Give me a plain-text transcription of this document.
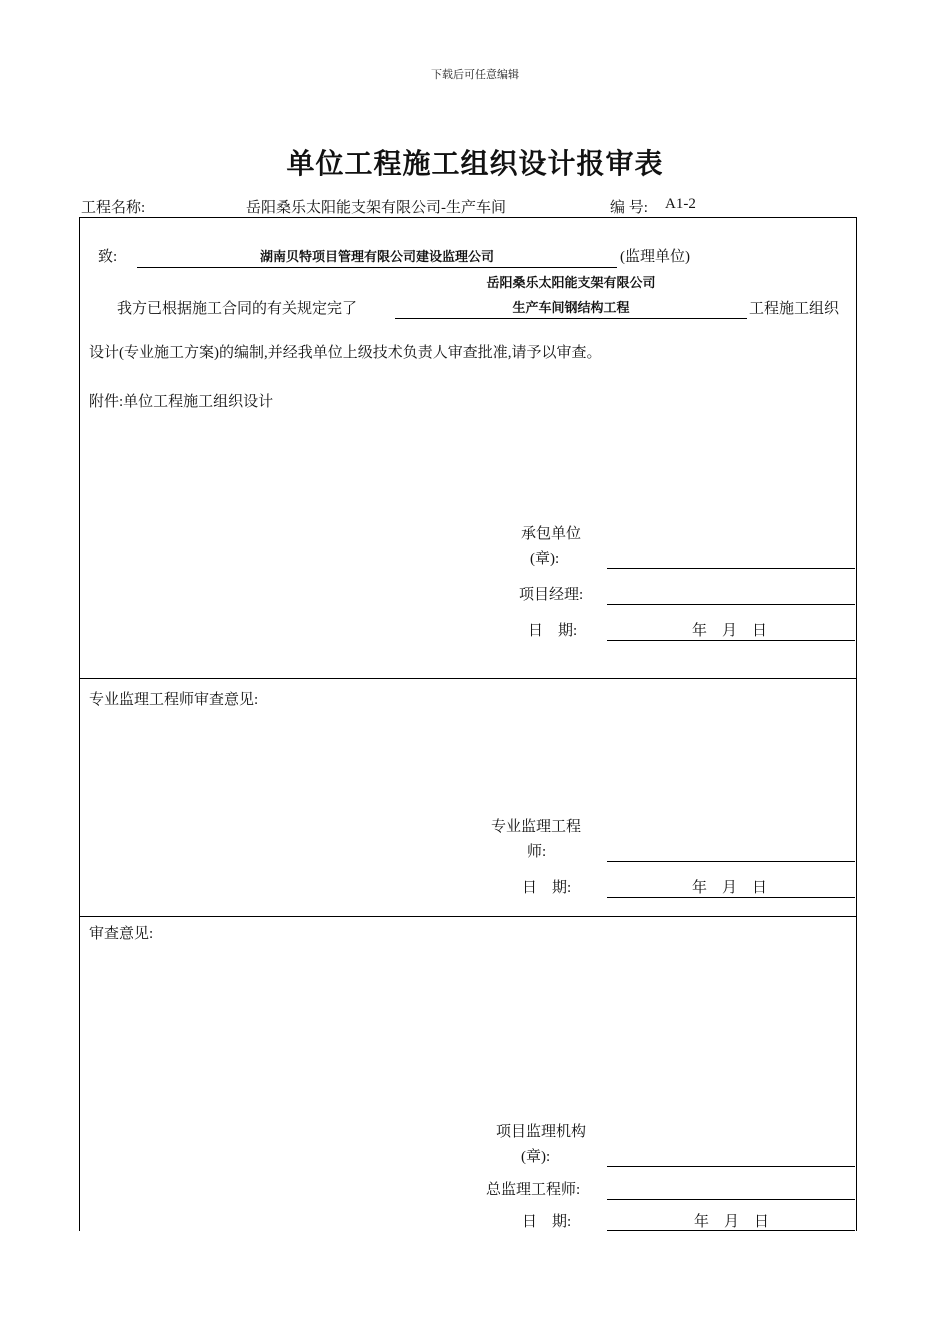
下载后可任意编辑
单位工程施工组织设计报审表
工程名称:	岳阳桑乐太阳能支架有限公司-生产车间	编 号: A1-2
致:	湖南贝特项目管理有限公司建设监理公司	(监理单位)
岳阳桑乐太阳能支架有限公司
我方已根据施工合同的有关规定完了	生产车间钢结构工程	工程施工组织
设计(专业施工方案)的编制,并经我单位上级技术负责人审查批准,请予以审查。
附件:单位工程施工组织设计
承包单位
(章):
项目经理:
日　期:	年　月　日
专业监理工程师审查意见:
专业监理工程
师:
日　期:	年　月　日
审查意见:
项目监理机构
(章):
总监理工程师:
日　期:	年　月　日
